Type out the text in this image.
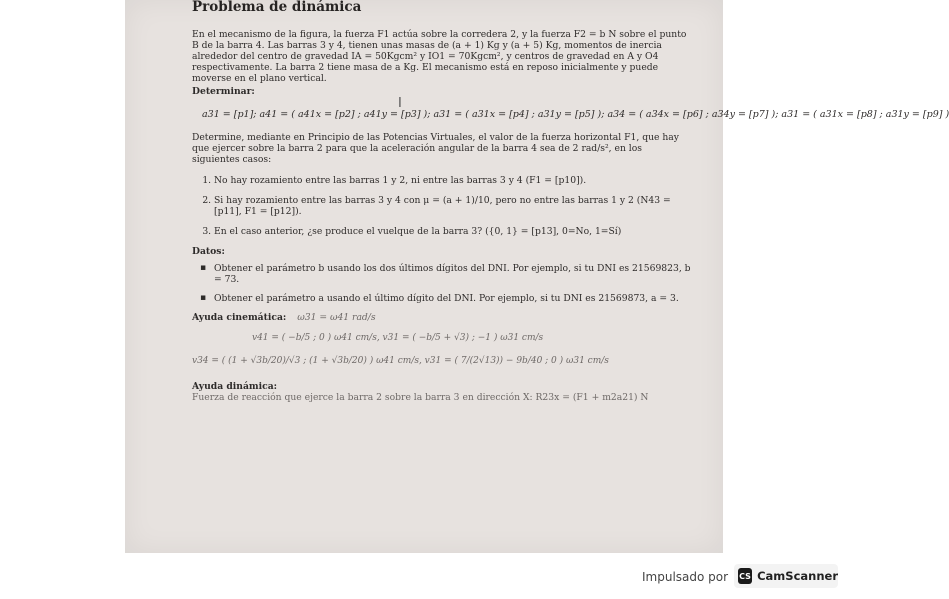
Problema de dinámica
En el mecanismo de la figura, la fuerza F1 actúa sobre la corredera 2, y la fuerza F2 = b N sobre el punto B de la barra 4. Las barras 3 y 4, tienen unas masas de (a + 1) Kg y (a + 5) Kg, momentos de inercia alrededor del centro de gravedad IA = 50Kgcm² y IO1 = 70Kgcm², y centros de gravedad en A y O4 respectivamente. La barra 2 tiene masa de a Kg. El mecanismo está en reposo inicialmente y puede moverse en el plano vertical.
Determinar:
a31 = [p1]; a41 = ( a41x = [p2] ; a41y = [p3] ); a31 = ( a31x = [p4] ; a31y = [p5] ); a34 = ( a34x = [p6] ; a34y = [p7] ); a31 = ( a31x = [p8] ; a31y = [p9] )
Determine, mediante en Principio de las Potencias Virtuales, el valor de la fuerza horizontal F1, que hay que ejercer sobre la barra 2 para que la aceleración angular de la barra 4 sea de 2 rad/s², en los siguientes casos:
1. No hay rozamiento entre las barras 1 y 2, ni entre las barras 3 y 4 (F1 = [p10]).
2. Si hay rozamiento entre las barras 3 y 4 con μ = (a + 1)/10, pero no entre las barras 1 y 2 (N43 = [p11], F1 = [p12]).
3. En el caso anterior, ¿se produce el vuelque de la barra 3? ({0, 1} = [p13], 0=No, 1=Sí)
Datos:
▪ Obtener el parámetro b usando los dos últimos dígitos del DNI. Por ejemplo, si tu DNI es 21569823, b = 73.
▪ Obtener el parámetro a usando el último dígito del DNI. Por ejemplo, si tu DNI es 21569873, a = 3.
Ayuda cinemática: ω31 = ω41 rad/s
v41 = ( −b/5 ; 0 ) ω41 cm/s, v31 = ( −b/5 + √3) ; −1 ) ω31 cm/s
v34 = ( (1 + √3b/20)/√3 ; (1 + √3b/20) ) ω41 cm/s, v31 = ( 7/(2√13)) − 9b/40 ; 0 ) ω31 cm/s
Ayuda dinámica:
Fuerza de reacción que ejerce la barra 2 sobre la barra 3 en dirección X: R23x = (F1 + m2a21) N
I
Impulsado por CS CamScanner
